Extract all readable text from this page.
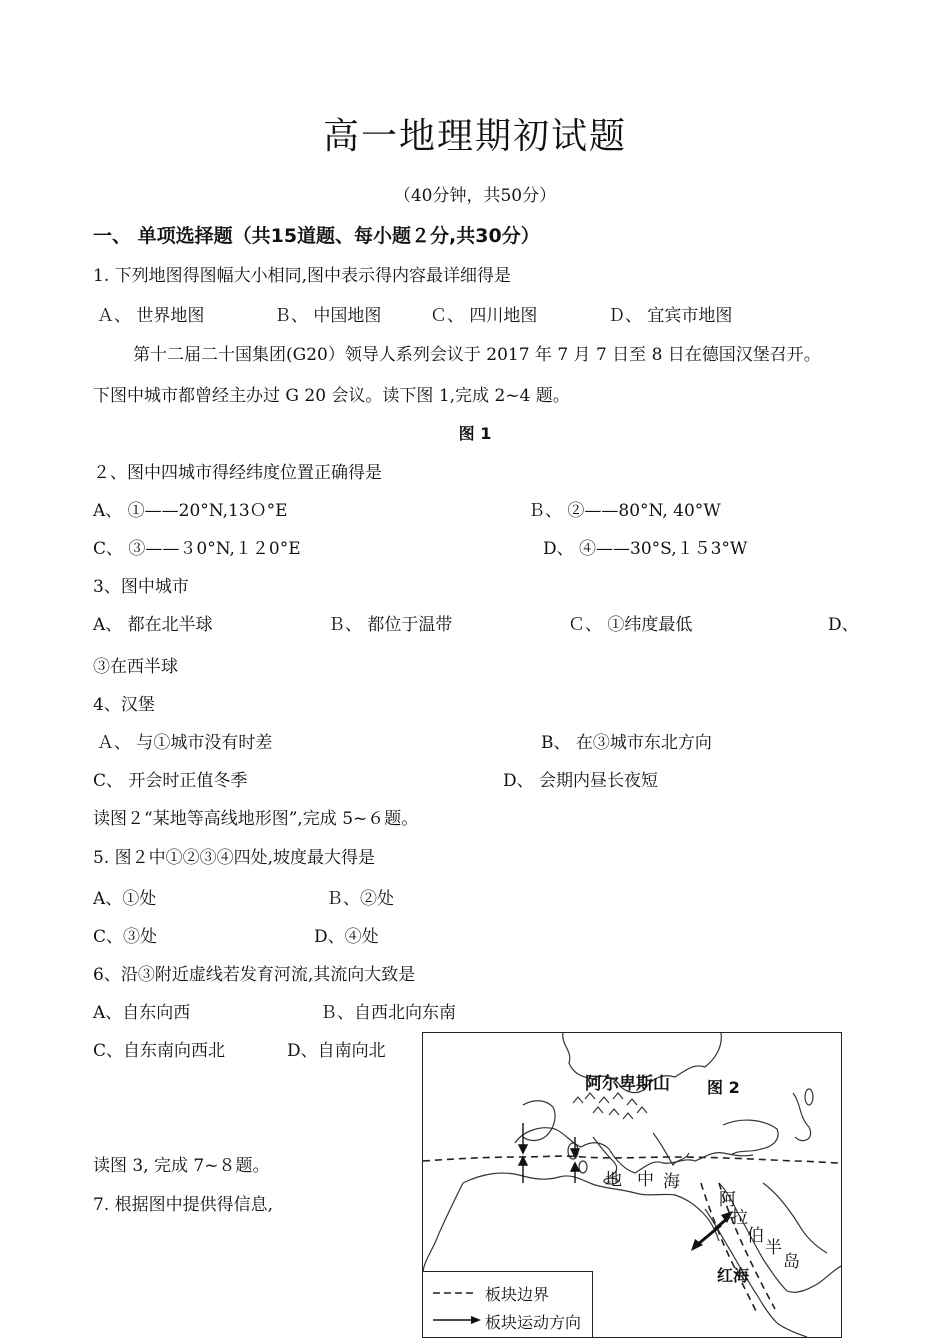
高一地理期初试题
（40分钟，共50分）
一、 单项选择题（共15道题、每小题２分,共30分）
1. 下列地图得图幅大小相同,图中表示得内容最详细得是
Ａ、 世界地图	Ｂ、 中国地图	Ｃ、 四川地图	Ｄ、 宜宾市地图
第十二届二十国集团(G20）领导人系列会议于 2017 年 7 月 7 日至 8 日在德国汉堡召开。
下图中城市都曾经主办过 G 20 会议。读下图 1,完成 2~4 题。
图 1
２、图中四城市得经纬度位置正确得是
A、 ①——20°N,13Ｏ°E	Ｂ、 ②——80°N, 40°W
C、 ③——３0°N,１２0°E	D、 ④——30°S,１５3°W
3、图中城市
A、 都在北半球	Ｂ、 都位于温带	Ｃ、 ①纬度最低	D、
③在西半球
4、汉堡
Ａ、 与①城市没有时差	B、 在③城市东北方向
C、 开会时正值冬季	D、 会期内昼长夜短
读图２“某地等高线地形图”,完成 5~６题。
5. 图２中①②③④四处,坡度最大得是
A、①处	Ｂ、②处
C、③处	D、④处
6、沿③附近虚线若发育河流,其流向大致是
A、自东向西	Ｂ、自西北向东南
C、自东南向西北	D、自南向北
读图 3, 完成 7~８题。
7. 根据图中提供得信息,
阿尔卑斯山 图 2
地 中 海
阿
拉
伯
半
岛
红海
板块边界
板块运动方向
